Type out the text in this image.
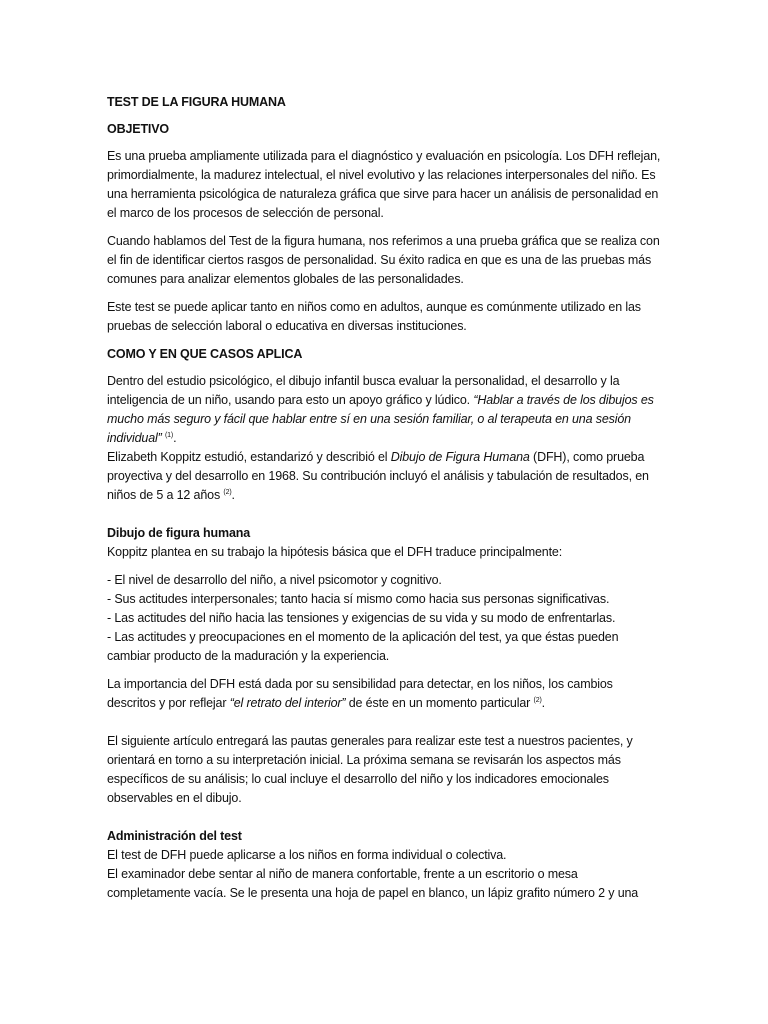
TEST DE LA FIGURA HUMANA
OBJETIVO

Es una prueba ampliamente utilizada para el diagnóstico y evaluación en psicología. Los DFH reflejan, primordialmente, la madurez intelectual, el nivel evolutivo y las relaciones interpersonales del niño. Es una herramienta psicológica de naturaleza gráfica que sirve para hacer un análisis de personalidad en el marco de los procesos de selección de personal.

Cuando hablamos del Test de la figura humana, nos referimos a una prueba gráfica que se realiza con el fin de identificar ciertos rasgos de personalidad. Su éxito radica en que es una de las pruebas más comunes para analizar elementos globales de las personalidades.

Este test se puede aplicar tanto en niños como en adultos, aunque es comúnmente utilizado en las pruebas de selección laboral o educativa en diversas instituciones.

COMO Y EN QUE CASOS APLICA

Dentro del estudio psicológico, el dibujo infantil busca evaluar la personalidad, el desarrollo y la inteligencia de un niño, usando para esto un apoyo gráfico y lúdico. “Hablar a través de los dibujos es mucho más seguro y fácil que hablar entre sí en una sesión familiar, o al terapeuta en una sesión individual” $^{(1)}$.

Elizabeth Koppitz estudió, estandarizó y describió el Dibujo de Figura Humana (DFH), como prueba proyectiva y del desarrollo en 1968. Su contribución incluyó el análisis y tabulación de resultados, en niños de 5 a 12 años $^{(2)}$.

Dibujo de figura humana

Koppitz plantea en su trabajo la hipótesis básica que el DFH traduce principalmente:

- El nivel de desarrollo del niño, a nivel psicomotor y cognitivo.
- Sus actitudes interpersonales; tanto hacia sí mismo como hacia sus personas significativas.
- Las actitudes del niño hacia las tensiones y exigencias de su vida y su modo de enfrentarlas.
- Las actitudes y preocupaciones en el momento de la aplicación del test, ya que éstas pueden cambiar producto de la maduración y la experiencia.

La importancia del DFH está dada por su sensibilidad para detectar, en los niños, los cambios descritos y por reflejar “el retrato del interior” de éste en un momento particular $^{(2)}$.

El siguiente artículo entregará las pautas generales para realizar este test a nuestros pacientes, y orientará en torno a su interpretación inicial. La próxima semana se revisarán los aspectos más específicos de su análisis; lo cual incluye el desarrollo del niño y los indicadores emocionales observables en el dibujo.

Administración del test

El test de DFH puede aplicarse a los niños en forma individual o colectiva.

El examinador debe sentar al niño de manera confortable, frente a un escritorio o mesa completamente vacía. Se le presenta una hoja de papel en blanco, un lápiz grafito número 2 y una
